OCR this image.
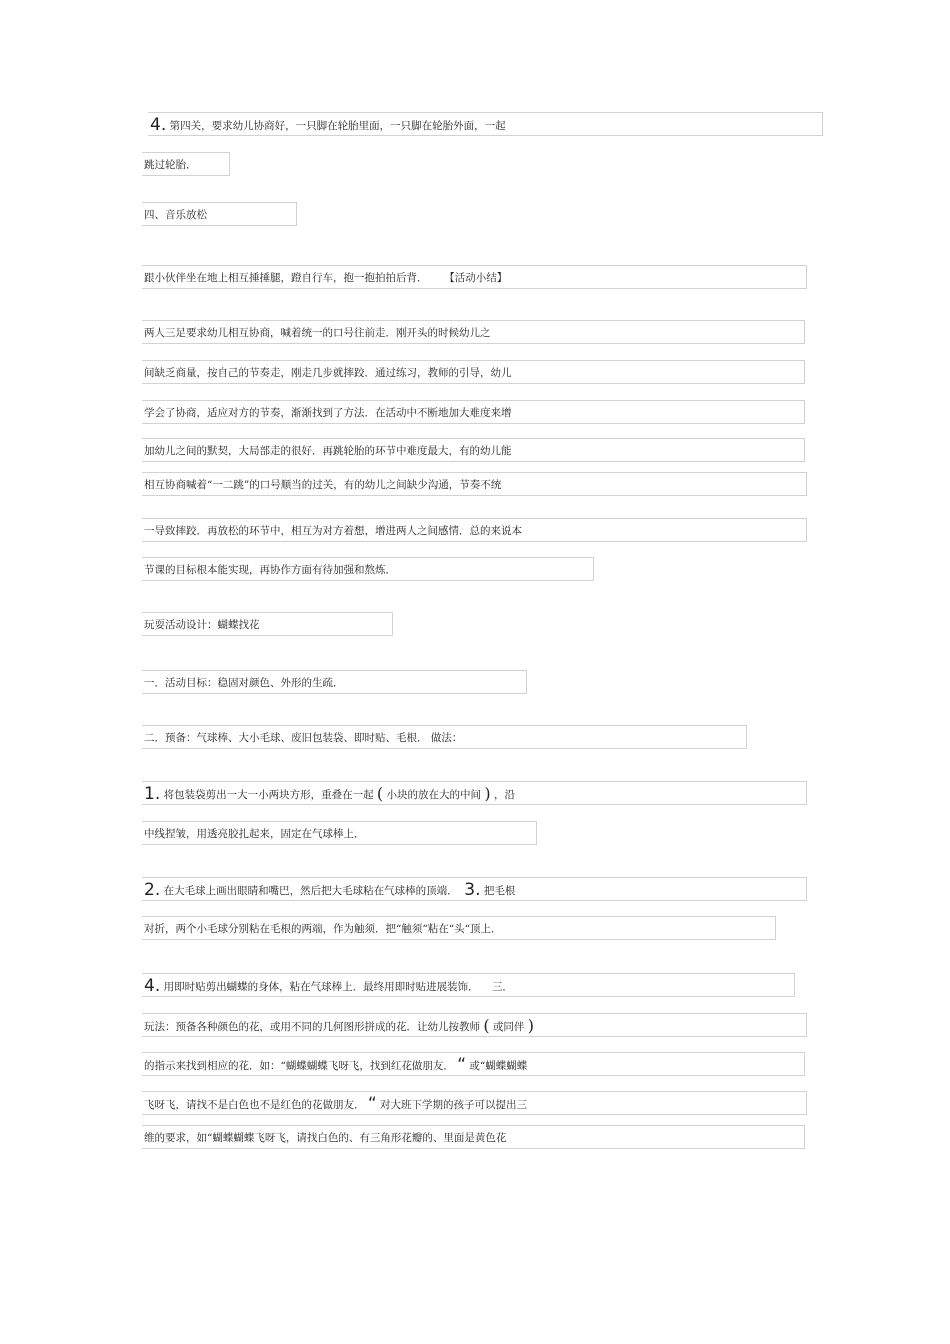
4. 第四关，要求幼儿协商好，一只脚在轮胎里面，一只脚在轮胎外面，一起
跳过轮胎．
四、音乐放松
跟小伙伴坐在地上相互捶捶腿，蹬自行车，抱一抱拍拍后背． 【活动小结】
两人三足要求幼儿相互协商，喊着统一的口号往前走．刚开头的时候幼儿之
间缺乏商量，按自己的节奏走，刚走几步就摔跤．通过练习，教师的引导，幼儿
学会了协商，适应对方的节奏，渐渐找到了方法．在活动中不断地加大难度来增
加幼儿之间的默契，大局部走的很好．再跳轮胎的环节中难度最大，有的幼儿能
相互协商喊着“一二跳”的口号顺当的过关，有的幼儿之间缺少沟通，节奏不统
一导致摔跤．再放松的环节中，相互为对方着想，增进两人之间感情．总的来说本
节课的目标根本能实现，再协作方面有待加强和熬炼．
玩耍活动设计：蝴蝶找花
一．活动目标：稳固对颜色、外形的生疏．
二．预备：气球棒、大小毛球、废旧包装袋、即时贴、毛根． 做法：
1. 将包装袋剪出一大一小两块方形，重叠在一起 ( 小块的放在大的中间 ) ，沿
中线捏皱，用透亮胶扎起来，固定在气球棒上．
2. 在大毛球上画出眼睛和嘴巴，然后把大毛球粘在气球棒的顶端． 3. 把毛根
对折，两个小毛球分别粘在毛根的两端，作为触须．把“触须“粘在“头“顶上．
4. 用即时贴剪出蝴蝶的身体，粘在气球棒上．最终用即时贴进展装饰． 三．
玩法：预备各种颜色的花，或用不同的几何图形拼成的花．让幼儿按教师 ( 或同伴 )
的指示来找到相应的花．如：“蝴蝶蝴蝶飞呀飞，找到红花做朋友． “ 或“蝴蝶蝴蝶
飞呀飞，请找不是白色也不是红色的花做朋友． “ 对大班下学期的孩子可以提出三
维的要求，如“蝴蝶蝴蝶飞呀飞，请找白色的、有三角形花瓣的、里面是黄色花
